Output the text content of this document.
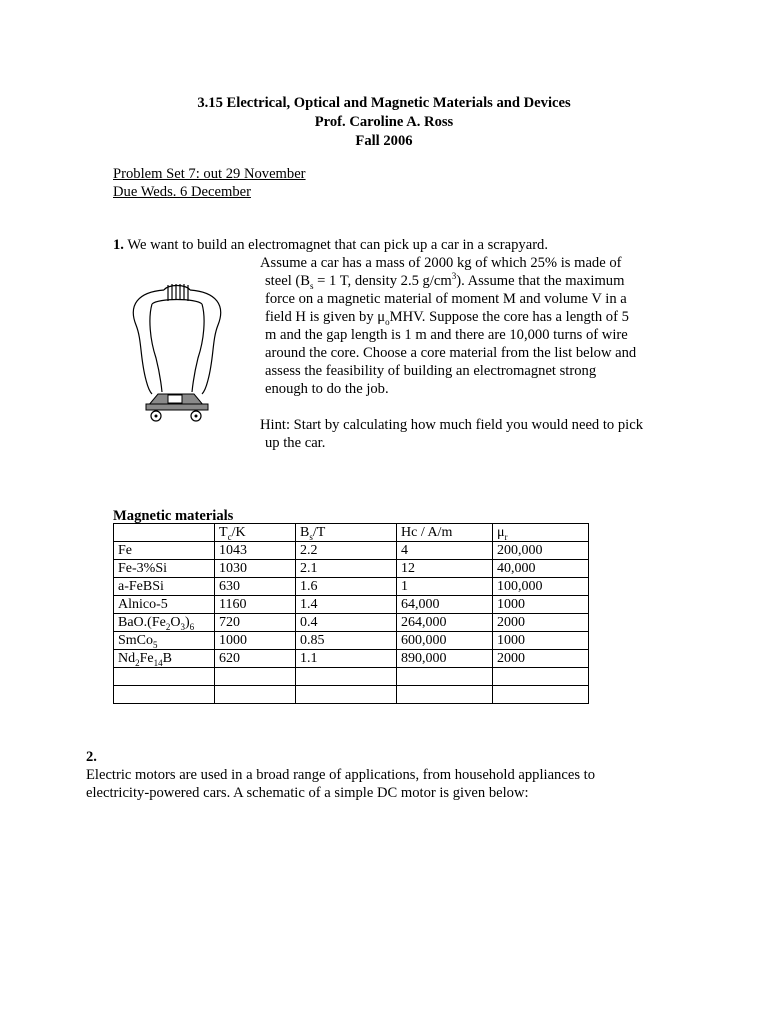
3.15 Electrical, Optical and Magnetic Materials and Devices
Prof. Caroline A. Ross
Fall 2006
Problem Set 7: out 29 November
Due Weds. 6 December
1. We want to build an electromagnet that can pick up a car in a scrapyard.
Assume a car has a mass of 2000 kg of which 25% is made of
steel ($B_s = 1$ T, density 2.5 $g/cm^3$). Assume that the maximum
force on a magnetic material of moment M and volume V in a
field H is given by $\mu_oMHV$. Suppose the core has a length of 5
m and the gap length is 1 m and there are 10,000 turns of wire
around the core. Choose a core material from the list below and
assess the feasibility of building an electromagnet strong
enough to do the job.
Hint: Start by calculating how much field you would need to pick
up the car.
Magnetic materials
	$T_c/K$	$B_s/T$	Hc / A/m	$\mu_r$
Fe	1043	2.2	4	200,000
Fe-3%Si	1030	2.1	12	40,000
a-FeBSi	630	1.6	1	100,000
Alnico-5	1160	1.4	64,000	1000
$BaO.(Fe_2O_3)_6$	720	0.4	264,000	2000
SmCo$_5$	1000	0.85	600,000	1000
$Nd_2Fe_{14}B$	620	1.1	890,000	2000

2.
Electric motors are used in a broad range of applications, from household appliances to
electricity-powered cars. A schematic of a simple DC motor is given below:
